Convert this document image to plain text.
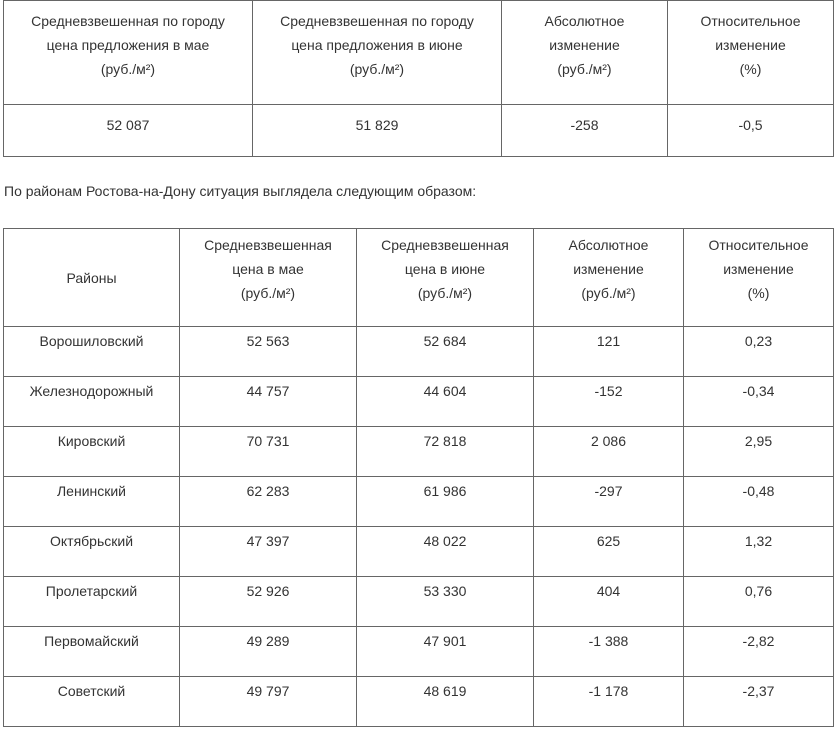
Средневзвешенная по городу
цена предложения в мае
(руб./м²)	Средневзвешенная по городу
цена предложения в июне
(руб./м²)	Абсолютное
изменение
(руб./м²)	Относительное
изменение
(%)

52 087	51 829	-258	-0,5

По районам Ростова-на-Дону ситуация выглядела следующим образом:

Районы	Средневзвешенная
цена в мае
(руб./м²)	Средневзвешенная
цена в июне
(руб./м²)	Абсолютное
изменение
(руб./м²)	Относительное
изменение
(%)

Ворошиловский	52 563	52 684	121	0,23
Железнодорожный	44 757	44 604	-152	-0,34
Кировский	70 731	72 818	2 086	2,95
Ленинский	62 283	61 986	-297	-0,48
Октябрьский	47 397	48 022	625	1,32
Пролетарский	52 926	53 330	404	0,76
Первомайский	49 289	47 901	-1 388	-2,82
Советский	49 797	48 619	-1 178	-2,37
